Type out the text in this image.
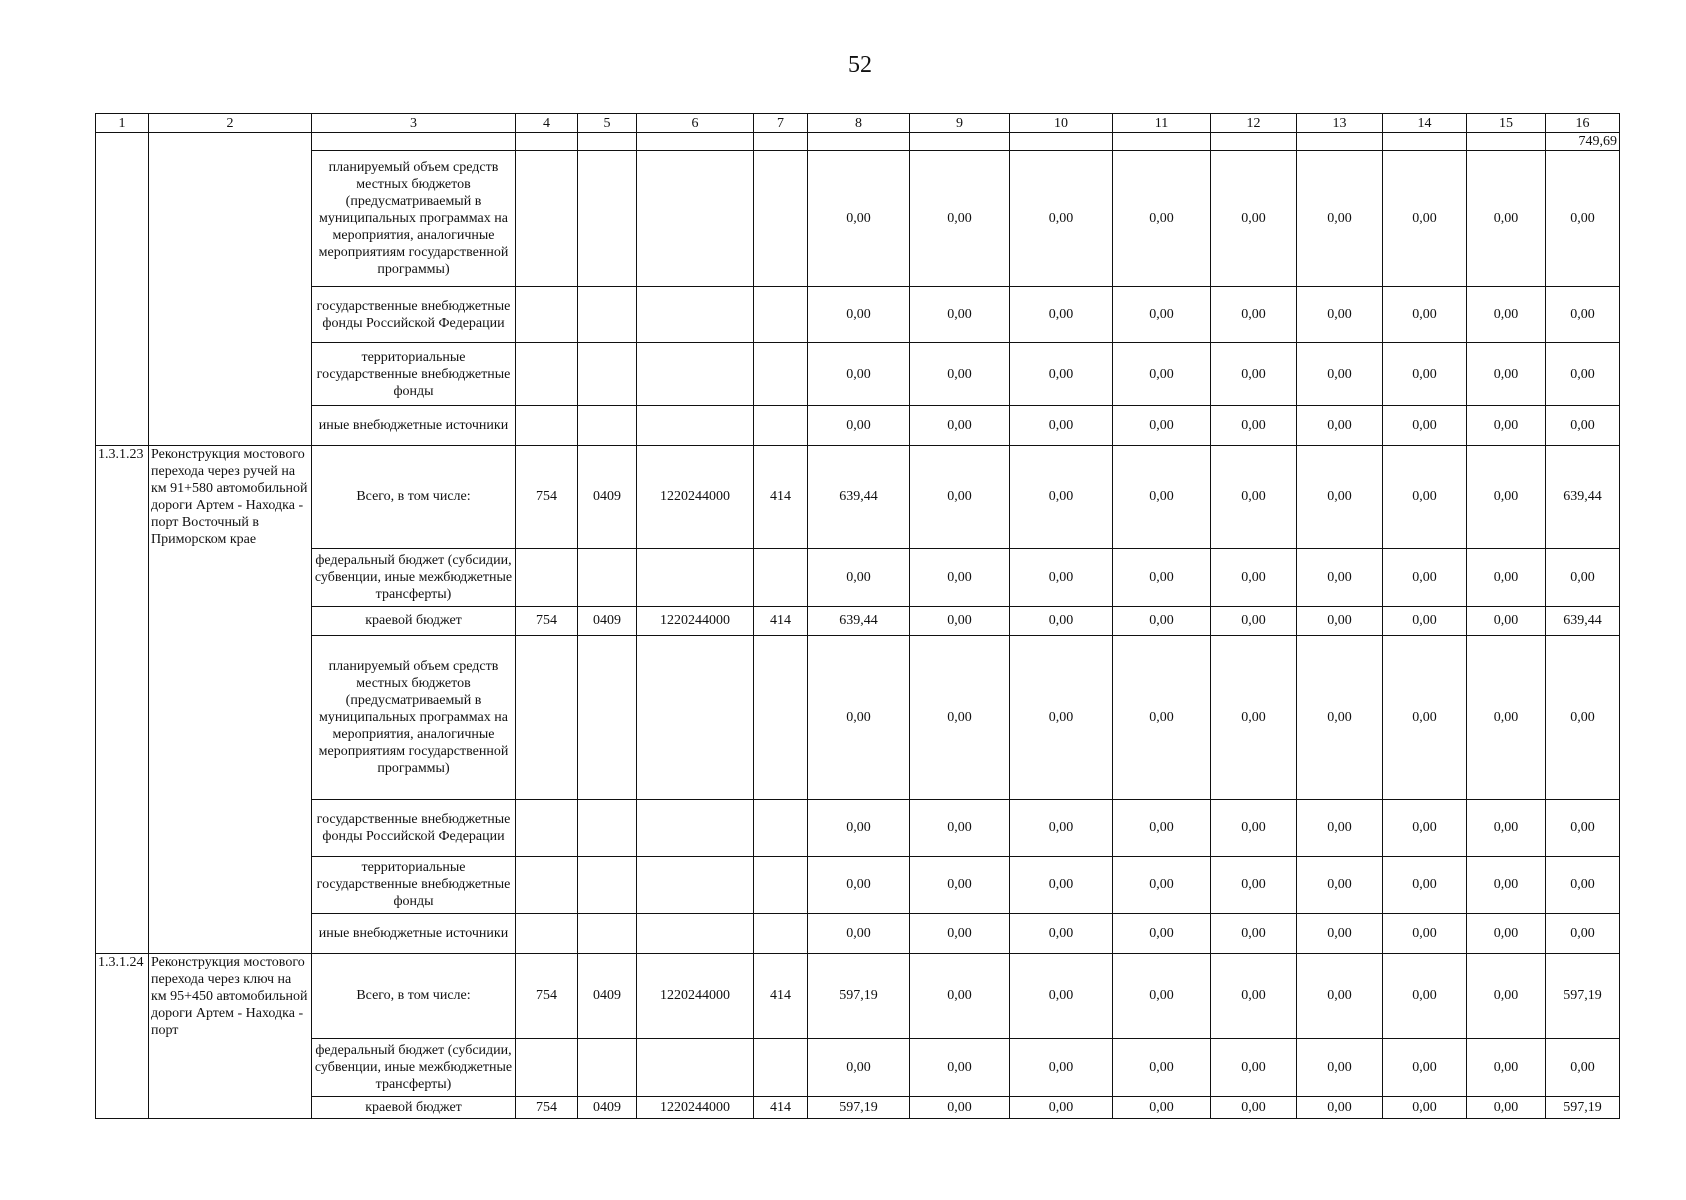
52
1	2	3	4	5	6	7	8	9	10	11	12	13	14	15	16
															749,69
		планируемый объем средств местных бюджетов (предусматриваемый в муниципальных программах на мероприятия, аналогичные мероприятиям государственной программы)					0,00	0,00	0,00	0,00	0,00	0,00	0,00	0,00	0,00
		государственные внебюджетные фонды Российской Федерации					0,00	0,00	0,00	0,00	0,00	0,00	0,00	0,00	0,00
		территориальные государственные внебюджетные фонды					0,00	0,00	0,00	0,00	0,00	0,00	0,00	0,00	0,00
		иные внебюджетные источники					0,00	0,00	0,00	0,00	0,00	0,00	0,00	0,00	0,00
1.3.1.23	Реконструкция мостового перехода через ручей на км 91+580 автомобильной дороги Артем - Находка - порт Восточный в Приморском крае	Всего, в том числе:	754	0409	1220244000	414	639,44	0,00	0,00	0,00	0,00	0,00	0,00	0,00	639,44
		федеральный бюджет (субсидии, субвенции, иные межбюджетные трансферты)					0,00	0,00	0,00	0,00	0,00	0,00	0,00	0,00	0,00
		краевой бюджет	754	0409	1220244000	414	639,44	0,00	0,00	0,00	0,00	0,00	0,00	0,00	639,44
		планируемый объем средств местных бюджетов (предусматриваемый в муниципальных программах на мероприятия, аналогичные мероприятиям государственной программы)					0,00	0,00	0,00	0,00	0,00	0,00	0,00	0,00	0,00
		государственные внебюджетные фонды Российской Федерации					0,00	0,00	0,00	0,00	0,00	0,00	0,00	0,00	0,00
		территориальные государственные внебюджетные фонды					0,00	0,00	0,00	0,00	0,00	0,00	0,00	0,00	0,00
		иные внебюджетные источники					0,00	0,00	0,00	0,00	0,00	0,00	0,00	0,00	0,00
1.3.1.24	Реконструкция мостового перехода через ключ на км 95+450 автомобильной дороги Артем - Находка - порт	Всего, в том числе:	754	0409	1220244000	414	597,19	0,00	0,00	0,00	0,00	0,00	0,00	0,00	597,19
		федеральный бюджет (субсидии, субвенции, иные межбюджетные трансферты)					0,00	0,00	0,00	0,00	0,00	0,00	0,00	0,00	0,00
		краевой бюджет	754	0409	1220244000	414	597,19	0,00	0,00	0,00	0,00	0,00	0,00	0,00	597,19
